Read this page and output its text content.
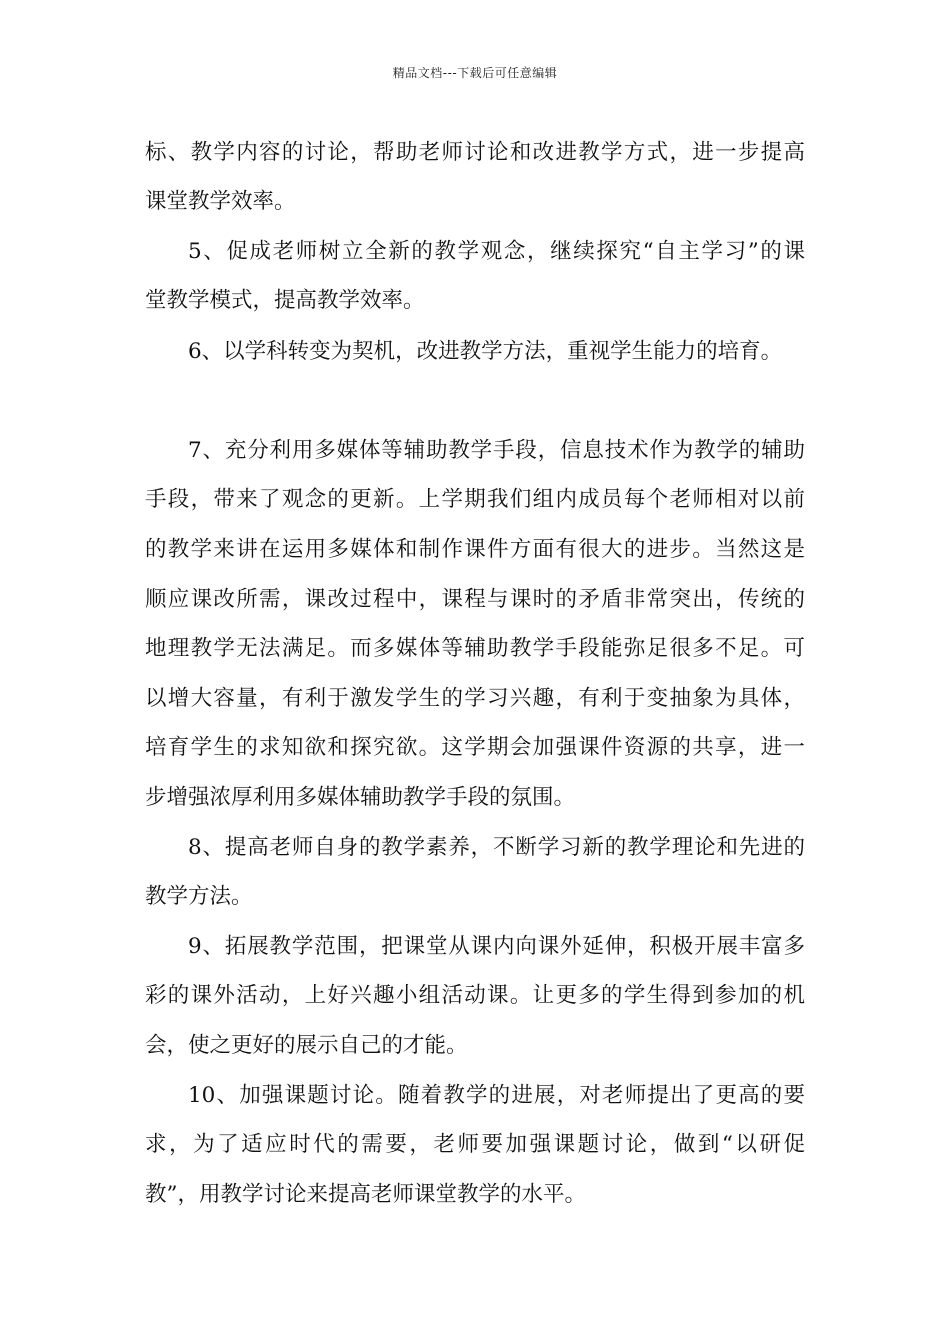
精品文档---下载后可任意编辑
标、教学内容的讨论，帮助老师讨论和改进教学方式，进一步提高
课堂教学效率。
5、促成老师树立全新的教学观念，继续探究“自主学习”的课
堂教学模式，提高教学效率。
6、以学科转变为契机，改进教学方法，重视学生能力的培育。
7、充分利用多媒体等辅助教学手段，信息技术作为教学的辅助
手段，带来了观念的更新。上学期我们组内成员每个老师相对以前
的教学来讲在运用多媒体和制作课件方面有很大的进步。当然这是
顺应课改所需，课改过程中，课程与课时的矛盾非常突出，传统的
地理教学无法满足。而多媒体等辅助教学手段能弥足很多不足。可
以增大容量，有利于激发学生的学习兴趣，有利于变抽象为具体，
培育学生的求知欲和探究欲。这学期会加强课件资源的共享，进一
步增强浓厚利用多媒体辅助教学手段的氛围。
8、提高老师自身的教学素养，不断学习新的教学理论和先进的
教学方法。
9、拓展教学范围，把课堂从课内向课外延伸，积极开展丰富多
彩的课外活动，上好兴趣小组活动课。让更多的学生得到参加的机
会，使之更好的展示自己的才能。
10、加强课题讨论。随着教学的进展，对老师提出了更高的要
求，为了适应时代的需要，老师要加强课题讨论，做到“以研促
教”，用教学讨论来提高老师课堂教学的水平。
